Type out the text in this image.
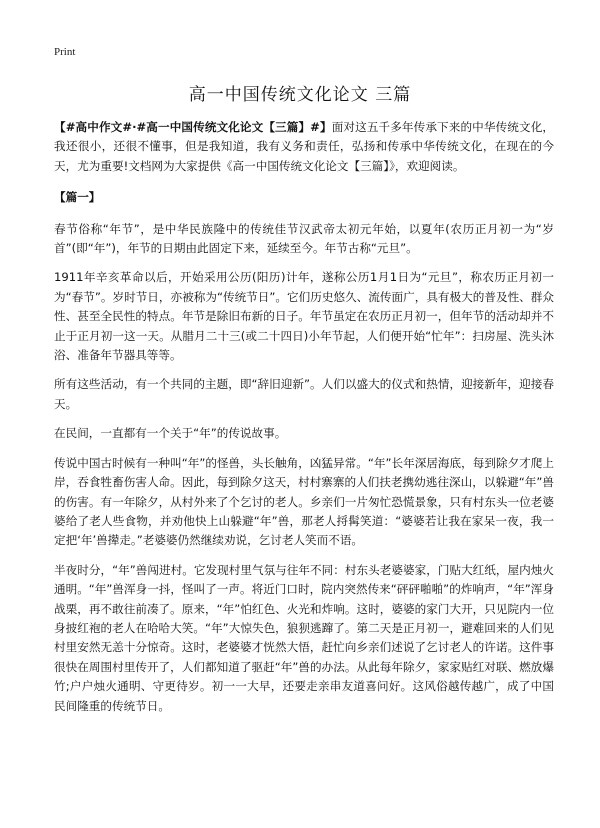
Print
高一中国传统文化论文 三篇

【#高中作文#·#高一中国传统文化论文【三篇】#】面对这五千多年传承下来的中华传统文化，我还很小，还很不懂事，但是我知道，我有义务和责任，弘扬和传承中华传统文化，在现在的今天，尤为重要!文档网为大家提供《高一中国传统文化论文【三篇】》，欢迎阅读。

【篇一】

春节俗称“年节”，是中华民族隆中的传统佳节汉武帝太初元年始，以夏年(农历正月初一为“岁首”(即“年”)，年节的日期由此固定下来，延续至今。年节古称“元旦”。

1911年辛亥革命以后，开始采用公历(阳历)计年，遂称公历1月1日为“元旦”，称农历正月初一为“春节”。岁时节日，亦被称为“传统节日”。它们历史悠久、流传面广，具有极大的普及性、群众性、甚至全民性的特点。年节是除旧布新的日子。年节虽定在农历正月初一，但年节的活动却并不止于正月初一这一天。从腊月二十三(或二十四日)小年节起，人们便开始“忙年”：扫房屋、洗头沐浴、准备年节器具等等。

所有这些活动，有一个共同的主题，即“辞旧迎新”。人们以盛大的仪式和热情，迎接新年，迎接春天。

在民间，一直都有一个关于“年”的传说故事。

传说中国古时候有一种叫“年”的怪兽，头长触角，凶猛异常。“年”长年深居海底，每到除夕才爬上岸，吞食牲畜伤害人命。因此，每到除夕这天，村村寨寨的人们扶老携幼逃往深山，以躲避“年”兽的伤害。有一年除夕，从村外来了个乞讨的老人。乡亲们一片匆忙恐慌景象，只有村东头一位老婆婆给了老人些食物，并劝他快上山躲避“年”兽，那老人捋髯笑道：“婆婆若让我在家呆一夜，我一定把‘年’兽撵走。”老婆婆仍然继续劝说，乞讨老人笑而不语。

半夜时分，“年”兽闯进村。它发现村里气氛与往年不同：村东头老婆婆家，门贴大红纸，屋内烛火通明。“年”兽浑身一抖，怪叫了一声。将近门口时，院内突然传来“砰砰啪啪”的炸响声，“年”浑身战栗，再不敢往前凑了。原来，“年”怕红色、火光和炸响。这时，婆婆的家门大开，只见院内一位身披红袍的老人在哈哈大笑。“年”大惊失色，狼狈逃蹿了。第二天是正月初一，避难回来的人们见村里安然无恙十分惊奇。这时，老婆婆才恍然大悟，赶忙向乡亲们述说了乞讨老人的许诺。这件事很快在周围村里传开了，人们都知道了驱赶“年”兽的办法。从此每年除夕，家家贴红对联、燃放爆竹;户户烛火通明、守更待岁。初一一大早，还要走亲串友道喜问好。这风俗越传越广，成了中国民间隆重的传统节日。
